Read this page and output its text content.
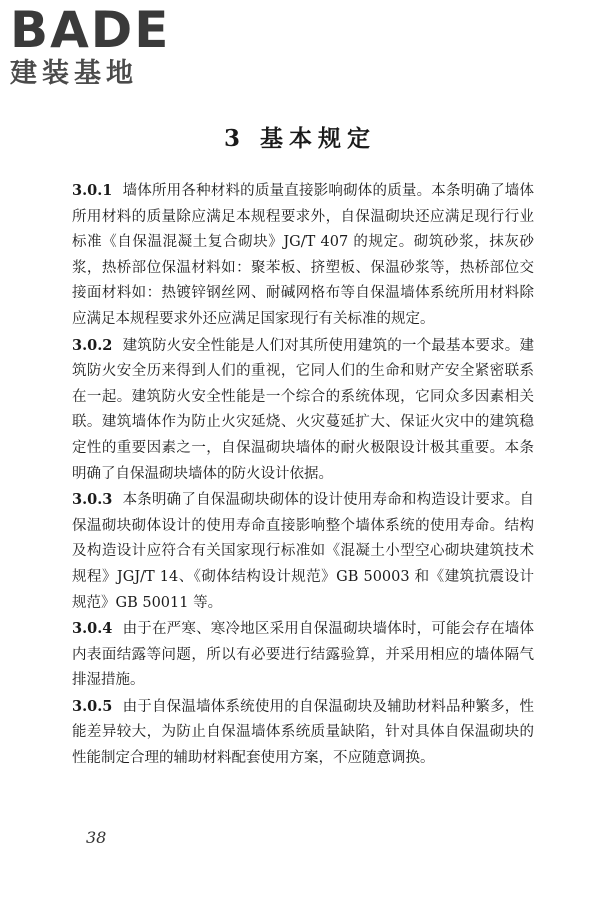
BADE
建装基地
3 基本规定

3.0.1 墙体所用各种材料的质量直接影响砌体的质量。本条明确了墙体所用材料的质量除应满足本规程要求外，自保温砌块还应满足现行行业标准《自保温混凝土复合砌块》JG/T 407 的规定。砌筑砂浆，抹灰砂浆，热桥部位保温材料如：聚苯板、挤塑板、保温砂浆等，热桥部位交接面材料如：热镀锌钢丝网、耐碱网格布等自保温墙体系统所用材料除应满足本规程要求外还应满足国家现行有关标准的规定。

3.0.2 建筑防火安全性能是人们对其所使用建筑的一个最基本要求。建筑防火安全历来得到人们的重视，它同人们的生命和财产安全紧密联系在一起。建筑防火安全性能是一个综合的系统体现，它同众多因素相关联。建筑墙体作为防止火灾延烧、火灾蔓延扩大、保证火灾中的建筑稳定性的重要因素之一，自保温砌块墙体的耐火极限设计极其重要。本条明确了自保温砌块墙体的防火设计依据。

3.0.3 本条明确了自保温砌块砌体的设计使用寿命和构造设计要求。自保温砌块砌体设计的使用寿命直接影响整个墙体系统的使用寿命。结构及构造设计应符合有关国家现行标准如《混凝土小型空心砌块建筑技术规程》JGJ/T 14、《砌体结构设计规范》GB 50003 和《建筑抗震设计规范》GB 50011 等。

3.0.4 由于在严寒、寒冷地区采用自保温砌块墙体时，可能会存在墙体内表面结露等问题，所以有必要进行结露验算，并采用相应的墙体隔气排湿措施。

3.0.5 由于自保温墙体系统使用的自保温砌块及辅助材料品种繁多，性能差异较大，为防止自保温墙体系统质量缺陷，针对具体自保温砌块的性能制定合理的辅助材料配套使用方案，不应随意调换。

38
